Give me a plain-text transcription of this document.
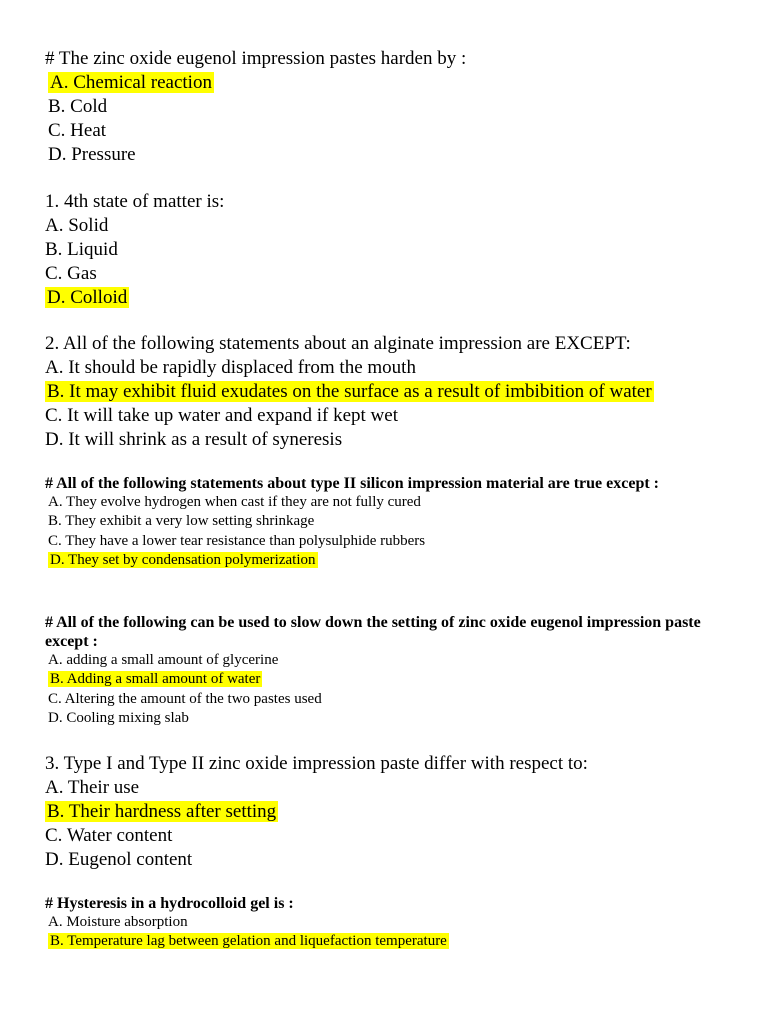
# The zinc oxide eugenol impression pastes harden by :
A. Chemical reaction
B. Cold
C. Heat
D. Pressure
1. 4th state of matter is:
A. Solid
B. Liquid
C. Gas
D. Colloid
2. All of the following statements about an alginate impression are EXCEPT:
A. It should be rapidly displaced from the mouth
B. It may exhibit fluid exudates on the surface as a result of imbibition of water
C. It will take up water and expand if kept wet
D. It will shrink as a result of syneresis
# All of the following statements about type II silicon impression material are true except :
A. They evolve hydrogen when cast if they are not fully cured
B. They exhibit a very low setting shrinkage
C. They have a lower tear resistance than polysulphide rubbers
D. They set by condensation polymerization
# All of the following can be used to slow down the setting of zinc oxide eugenol impression paste except :
A. adding a small amount of glycerine
B. Adding a small amount of water
C. Altering the amount of the two pastes used
D. Cooling mixing slab
3. Type I and Type II zinc oxide impression paste differ with respect to:
A. Their use
B. Their hardness after setting
C. Water content
D. Eugenol content
# Hysteresis in a hydrocolloid gel is :
A. Moisture absorption
B. Temperature lag between gelation and liquefaction temperature
